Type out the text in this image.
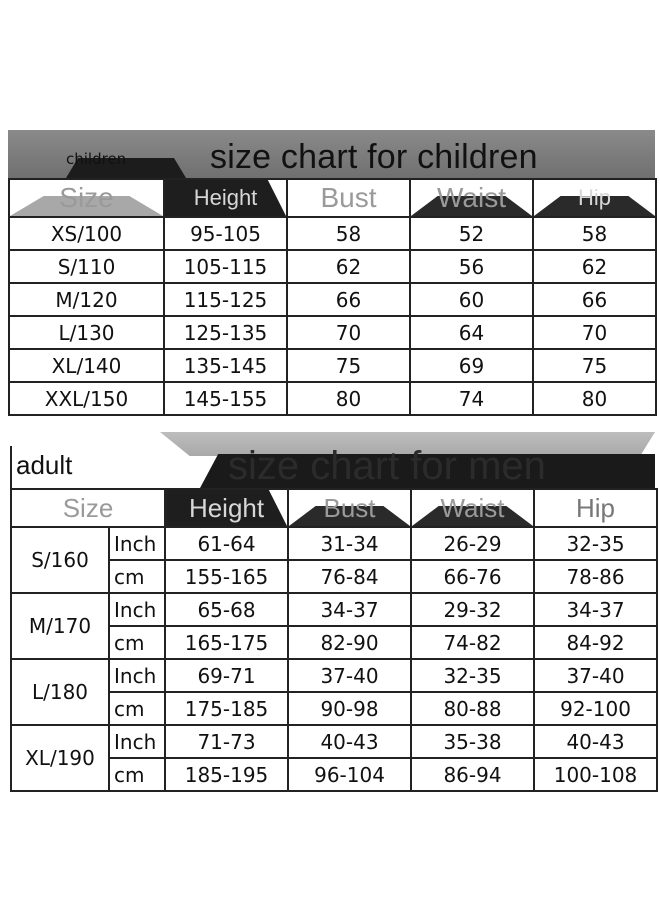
children size chart for children
Size	Height	Bust	Waist	Hip
XS/100	95-105	58	52	58
S/110	105-115	62	56	62
M/120	115-125	66	60	66
L/130	125-135	70	64	70
XL/140	135-145	75	69	75
XXL/150	145-155	80	74	80
adult	size chart for men
Size		Height	Bust	Waist	Hip
S/160	Inch	61-64	31-34	26-29	32-35
	cm	155-165	76-84	66-76	78-86
M/170	Inch	65-68	34-37	29-32	34-37
	cm	165-175	82-90	74-82	84-92
L/180	Inch	69-71	37-40	32-35	37-40
	cm	175-185	90-98	80-88	92-100
XL/190	Inch	71-73	40-43	35-38	40-43
	cm	185-195	96-104	86-94	100-108
